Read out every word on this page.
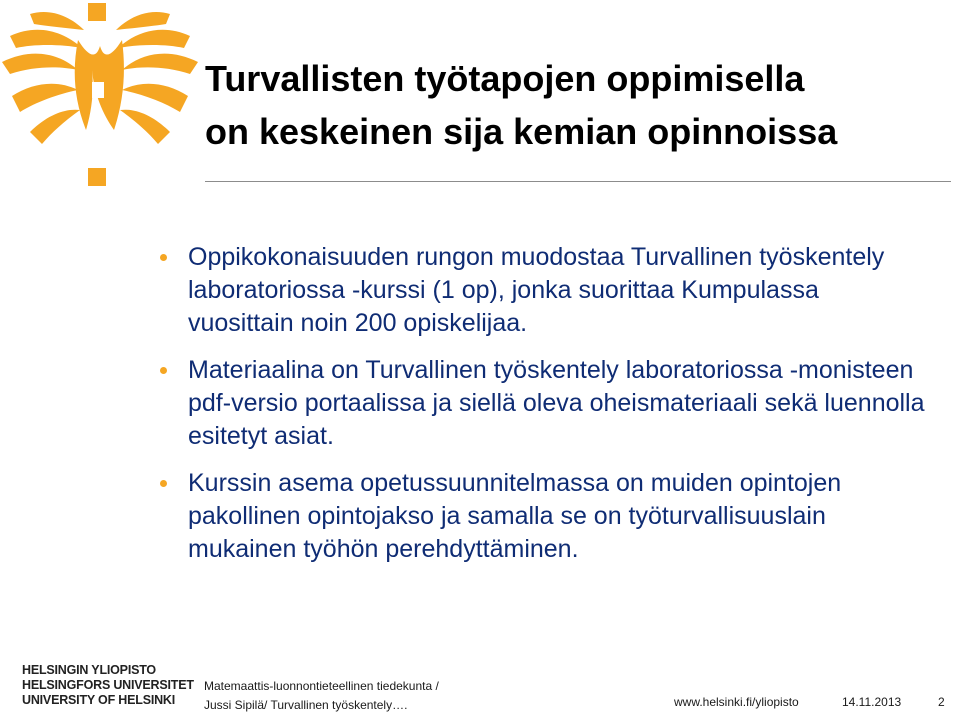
Turvallisten työtapojen oppimisella
on keskeinen sija kemian opinnoissa
Oppikokonaisuuden rungon muodostaa Turvallinen työskentely laboratoriossa -kurssi (1 op), jonka suorittaa Kumpulassa vuosittain noin 200 opiskelijaa.
Materiaalina on Turvallinen työskentely laboratoriossa -monisteen pdf-versio portaalissa ja siellä oleva oheismateriaali sekä luennolla esitetyt asiat.
Kurssin asema opetussuunnitelmassa on muiden opintojen pakollinen opintojakso ja samalla se on työturvallisuuslain mukainen työhön perehdyttäminen.
HELSINGIN YLIOPISTO
HELSINGFORS UNIVERSITET
UNIVERSITY OF HELSINKI
Matemaattis-luonnontieteellinen tiedekunta /
Jussi Sipilä/ Turvallinen työskentely….	www.helsinki.fi/yliopisto	14.11.2013	2
